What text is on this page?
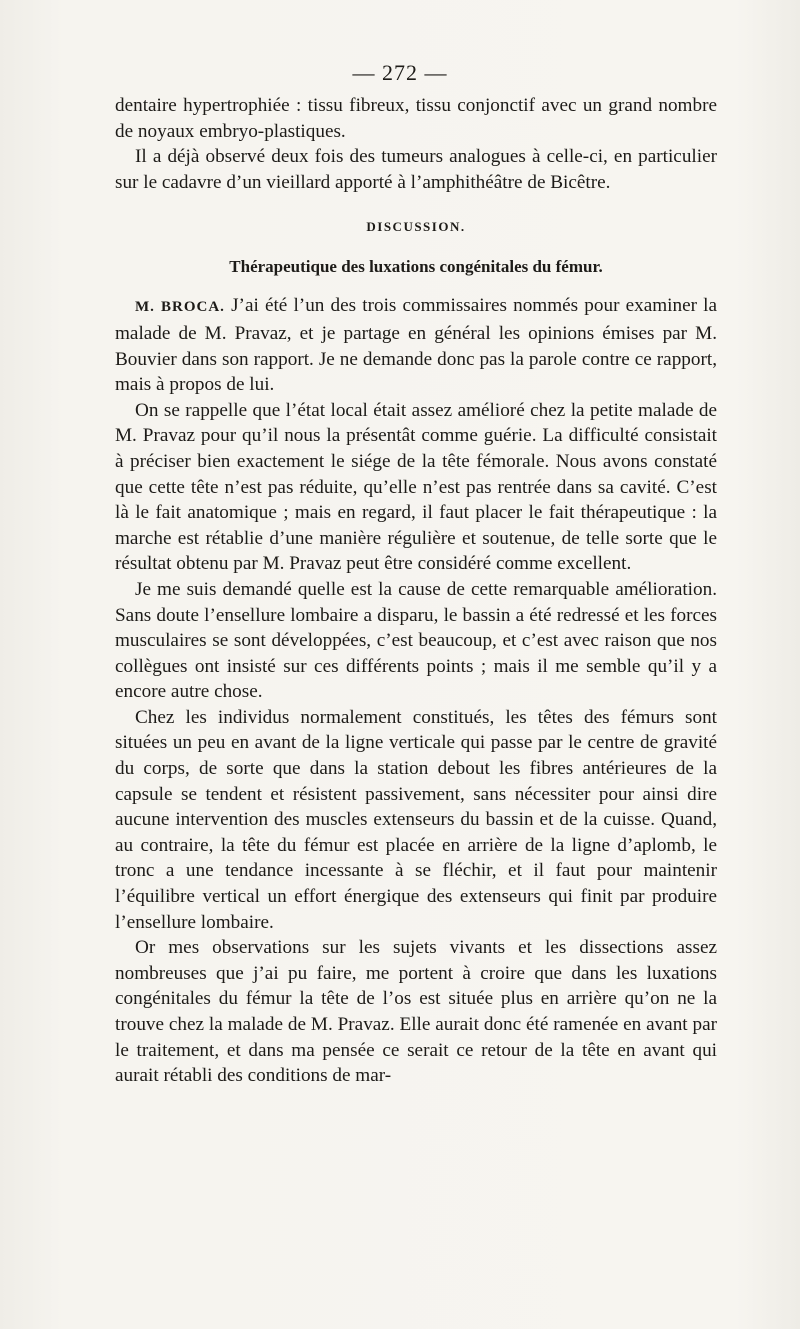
— 272 —

dentaire hypertrophiée : tissu fibreux, tissu conjonctif avec un grand nombre de noyaux embryo-plastiques.

Il a déjà observé deux fois des tumeurs analogues à celle-ci, en particulier sur le cadavre d’un vieillard apporté à l’amphithéâtre de Bicêtre.

DISCUSSION.

Thérapeutique des luxations congénitales du fémur.

M. BROCA. J’ai été l’un des trois commissaires nommés pour examiner la malade de M. Pravaz, et je partage en général les opinions émises par M. Bouvier dans son rapport. Je ne demande donc pas la parole contre ce rapport, mais à propos de lui.

On se rappelle que l’état local était assez amélioré chez la petite malade de M. Pravaz pour qu’il nous la présentât comme guérie. La difficulté consistait à préciser bien exactement le siége de la tête fémorale. Nous avons constaté que cette tête n’est pas réduite, qu’elle n’est pas rentrée dans sa cavité. C’est là le fait anatomique ; mais en regard, il faut placer le fait thérapeutique : la marche est rétablie d’une manière régulière et soutenue, de telle sorte que le résultat obtenu par M. Pravaz peut être considéré comme excellent.

Je me suis demandé quelle est la cause de cette remarquable amélioration. Sans doute l’ensellure lombaire a disparu, le bassin a été redressé et les forces musculaires se sont développées, c’est beaucoup, et c’est avec raison que nos collègues ont insisté sur ces différents points ; mais il me semble qu’il y a encore autre chose.

Chez les individus normalement constitués, les têtes des fémurs sont situées un peu en avant de la ligne verticale qui passe par le centre de gravité du corps, de sorte que dans la station debout les fibres antérieures de la capsule se tendent et résistent passivement, sans nécessiter pour ainsi dire aucune intervention des muscles extenseurs du bassin et de la cuisse. Quand, au contraire, la tête du fémur est placée en arrière de la ligne d’aplomb, le tronc a une tendance incessante à se fléchir, et il faut pour maintenir l’équilibre vertical un effort énergique des extenseurs qui finit par produire l’ensellure lombaire.

Or mes observations sur les sujets vivants et les dissections assez nombreuses que j’ai pu faire, me portent à croire que dans les luxations congénitales du fémur la tête de l’os est située plus en arrière qu’on ne la trouve chez la malade de M. Pravaz. Elle aurait donc été ramenée en avant par le traitement, et dans ma pensée ce serait ce retour de la tête en avant qui aurait rétabli des conditions de mar-
